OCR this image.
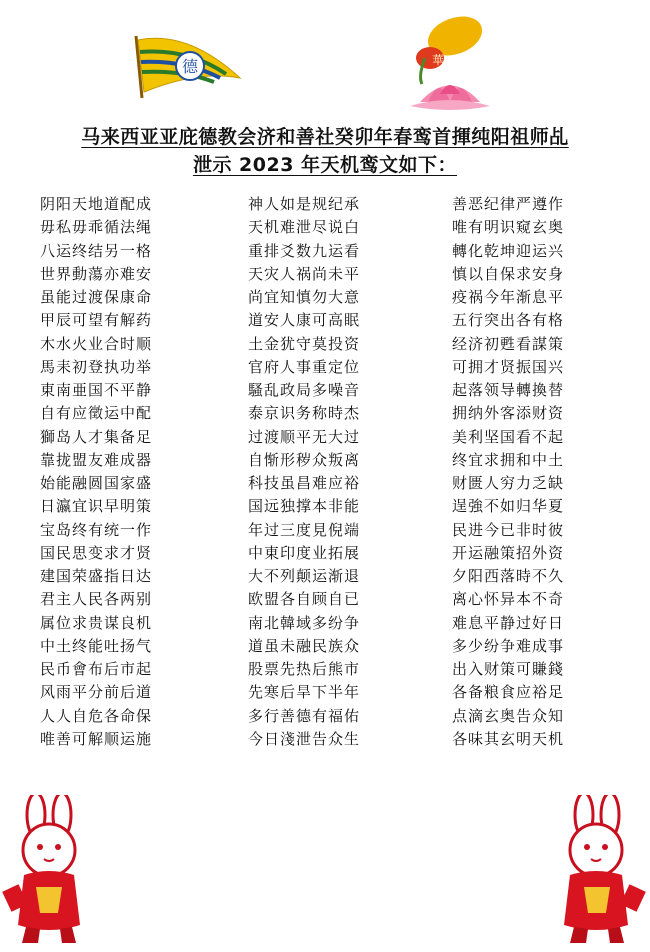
德	華
马来西亚亚庇德教会济和善社癸卯年春鸾首揮纯阳祖师乩
泄示 2023 年天机鸾文如下：
阴阳天地道配成
毋私毋乖循法绳
八运终结另一格
世界動蕩亦难安
虽能过渡保康命
甲辰可望有解药
木水火业合时顺
馬耒初登执功举
東南亜国不平静
自有应徵运中配
獅岛人才集备足
靠拢盟友难成器
始能融圆国家盛
日瀛宜识早明策
宝岛终有统一作
国民思变求才贤
建国荣盛指日达
君主人民各两别
属位求贵谋良机
中土终能吐扬气
民币會布后市起
风雨平分前后道
人人自危各命保
唯善可解顺运施
神人如是规纪承
天机难泄尽说白
重排爻数九运看
天灾人祸尚未平
尚宜知慎勿大意
道安人康可高眠
土金犹守莫投资
官府人事重定位
騷乱政局多噪音
泰京识务称時杰
过渡顺平无大过
自惭形秽众叛离
科技虽昌难应裕
国远独撑本非能
年过三度見倪端
中東印度业拓展
大不列颠运渐退
欧盟各自顾自已
南北韓域多纷争
道虽未融民族众
股票先热后熊市
先寒后旱下半年
多行善德有福佑
今日淺泄告众生
善恶纪律严遵作
唯有明识窥玄奥
轉化乾坤迎运兴
慎以自保求安身
疫祸今年渐息平
五行突出各有格
经济初甦看謀策
可拥才贤振国兴
起落领导轉換替
拥纳外客添财资
美利坚国看不起
终宜求拥和中土
财匮人穷力乏缺
逞強不如归华夏
民进今已非时彼
开运融策招外资
夕阳西落時不久
离心怀异本不奇
难息平静过好日
多少纷争难成事
出入财策可賺錢
各备粮食应裕足
点滴玄奥告众知
各味其玄明天机
